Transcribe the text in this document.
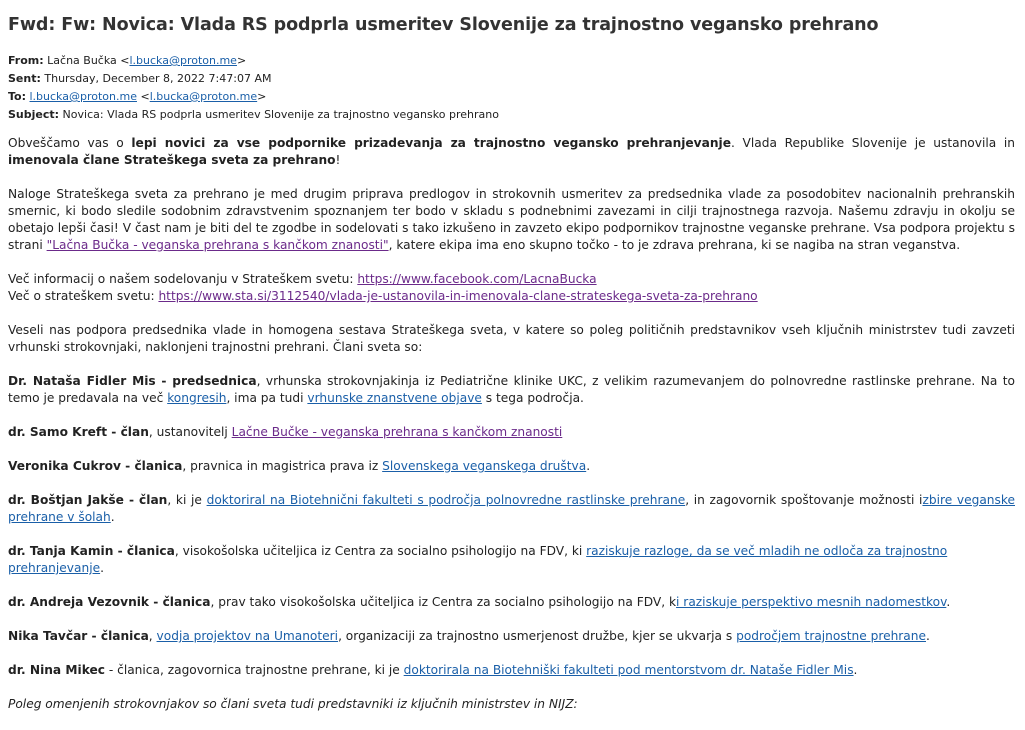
Fwd: Fw: Novica: Vlada RS podprla usmeritev Slovenije za trajnostno vegansko prehrano
From: Lačna Bučka <l.bucka@proton.me>
Sent: Thursday, December 8, 2022 7:47:07 AM
To: l.bucka@proton.me <l.bucka@proton.me>
Subject: Novica: Vlada RS podprla usmeritev Slovenije za trajnostno vegansko prehrano

Obveščamo vas o lepi novici za vse podpornike prizadevanja za trajnostno vegansko prehranjevanje. Vlada Republike Slovenije je ustanovila in imenovala člane Strateškega sveta za prehrano!

Naloge Strateškega sveta za prehrano je med drugim priprava predlogov in strokovnih usmeritev za predsednika vlade za posodobitev nacionalnih prehranskih smernic, ki bodo sledile sodobnim zdravstvenim spoznanjem ter bodo v skladu s podnebnimi zavezami in cilji trajnostnega razvoja. Našemu zdravju in okolju se obetajo lepši časi! V čast nam je biti del te zgodbe in sodelovati s tako izkušeno in zavzeto ekipo podpornikov trajnostne veganske prehrane. Vsa podpora projektu s strani "Lačna Bučka - veganska prehrana s kančkom znanosti", katere ekipa ima eno skupno točko - to je zdrava prehrana, ki se nagiba na stran veganstva.

Več informacij o našem sodelovanju v Strateškem svetu: https://www.facebook.com/LacnaBucka
Več o strateškem svetu: https://www.sta.si/3112540/vlada-je-ustanovila-in-imenovala-clane-strateskega-sveta-za-prehrano

Veseli nas podpora predsednika vlade in homogena sestava Strateškega sveta, v katere so poleg političnih predstavnikov vseh ključnih ministrstev tudi zavzeti vrhunski strokovnjaki, naklonjeni trajnostni prehrani. Člani sveta so:

Dr. Nataša Fidler Mis - predsednica, vrhunska strokovnjakinja iz Pediatrične klinike UKC, z velikim razumevanjem do polnovredne rastlinske prehrane. Na to temo je predavala na več kongresih, ima pa tudi vrhunske znanstvene objave s tega področja.

dr. Samo Kreft - član, ustanovitelj Lačne Bučke - veganska prehrana s kančkom znanosti

Veronika Cukrov - članica, pravnica in magistrica prava iz Slovenskega veganskega društva.

dr. Boštjan Jakše - član, ki je doktoriral na Biotehnični fakulteti s področja polnovredne rastlinske prehrane, in zagovornik spoštovanje možnosti izbire veganske prehrane v šolah.

dr. Tanja Kamin - članica, visokošolska učiteljica iz Centra za socialno psihologijo na FDV, ki raziskuje razloge, da se več mladih ne odloča za trajnostno prehranjevanje.

dr. Andreja Vezovnik - članica, prav tako visokošolska učiteljica iz Centra za socialno psihologijo na FDV, ki raziskuje perspektivo mesnih nadomestkov.

Nika Tavčar - članica, vodja projektov na Umanoteri, organizaciji za trajnostno usmerjenost družbe, kjer se ukvarja s področjem trajnostne prehrane.

dr. Nina Mikec - članica, zagovornica trajnostne prehrane, ki je doktorirala na Biotehniški fakulteti pod mentorstvom dr. Nataše Fidler Mis.

Poleg omenjenih strokovnjakov so člani sveta tudi predstavniki iz ključnih ministrstev in NIJZ:
